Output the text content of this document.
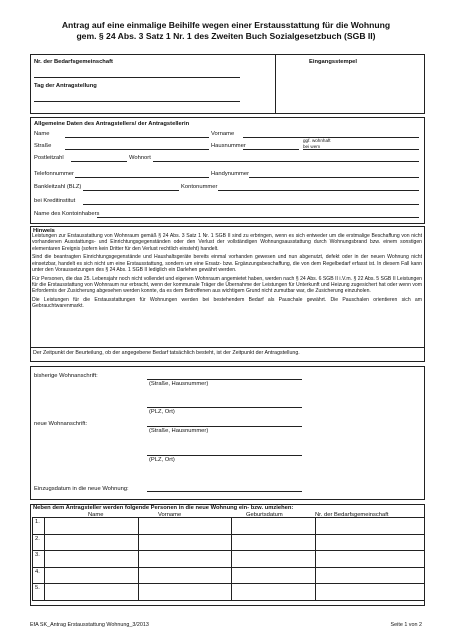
Antrag auf eine einmalige Beihilfe wegen einer Erstausstattung für die Wohnung
gem. § 24 Abs. 3 Satz 1 Nr. 1 des Zweiten Buch Sozialgesetzbuch (SGB II)
Nr. der Bedarfsgemeinschaft	Eingangsstempel
Tag der Antragstellung
Allgemeine Daten des Antragstellers/ der Antragstellerin
Name	Vorname
Straße	Hausnummer
ggf. wohnhaft
bei wem
Postleitzahl	Wohnort
Telefonnummer	Handynummer
Bankleitzahl (BLZ)	Kontonummer
bei Kreditinstitut
Name des Kontoinhabers
Hinweis

Leistungen zur Erstausstattung von Wohnraum gemäß § 24 Abs. 3 Satz 1 Nr. 1 SGB II sind zu erbringen, wenn es sich entweder um die erstmalige Beschaffung von nicht vorhandenen Ausstattungs- und Einrichtungsgegenständen oder den Verlust der vollständigen Wohnungsausstattung durch Wohnungsbrand bzw. einem sonstigen elementaren Ereignis (sofern kein Dritter für den Verlust rechtlich einsteht) handelt.

Sind die beantragten Einrichtungsgegenstände und Haushaltsgeräte bereits einmal vorhanden gewesen und nun abgenutzt, defekt oder in der neuen Wohnung nicht einsetzbar, handelt es sich nicht um eine Erstausstattung, sondern um eine Ersatz- bzw. Ergänzungsbeschaffung, die von dem Regelbedarf erfasst ist. In diesem Fall kann unter den Voraussetzungen des § 24 Abs. 1 SGB II lediglich ein Darlehen gewährt werden.

Für Personen, die das 25. Lebensjahr noch nicht vollendet und eigenen Wohnraum angemietet haben, werden nach § 24 Abs. 6 SGB II i.V.m. § 22 Abs. 5 SGB II Leistungen für die Erstausstattung von Wohnraum nur erbracht, wenn der kommunale Träger die Übernahme der Leistungen für Unterkunft und Heizung zugesichert hat oder wenn vom Erfordernis der Zusicherung abgesehen werden konnte, da es dem Betroffenen aus wichtigem Grund nicht zumutbar war, die Zusicherung einzuholen.

Die Leistungen für die Erstausstattungen für Wohnungen werden bei bestehendem Bedarf als Pauschale gewährt. Die Pauschalen orientieren sich am Gebrauchtwarenmarkt.

Der Zeitpunkt der Beurteilung, ob der angegebene Bedarf tatsächlich besteht, ist der Zeitpunkt der Antragstellung.
bisherige Wohnanschrift:
(Straße, Hausnummer)
(PLZ, Ort)
neue Wohnanschrift:
(Straße, Hausnummer)
(PLZ, Ort)
Einzugsdatum in die neue Wohnung:
Neben dem Antragsteller werden folgende Personen in die neue Wohnung ein- bzw. umziehen:
Name	Vorname	Geburtsdatum	Nr. der Bedarfsgemeinschaft
1.				
2.				
3.				
4.				
5.				
EfA SK_Antrag Erstausstattung Wohnung_3/2013	Seite 1 von 2
